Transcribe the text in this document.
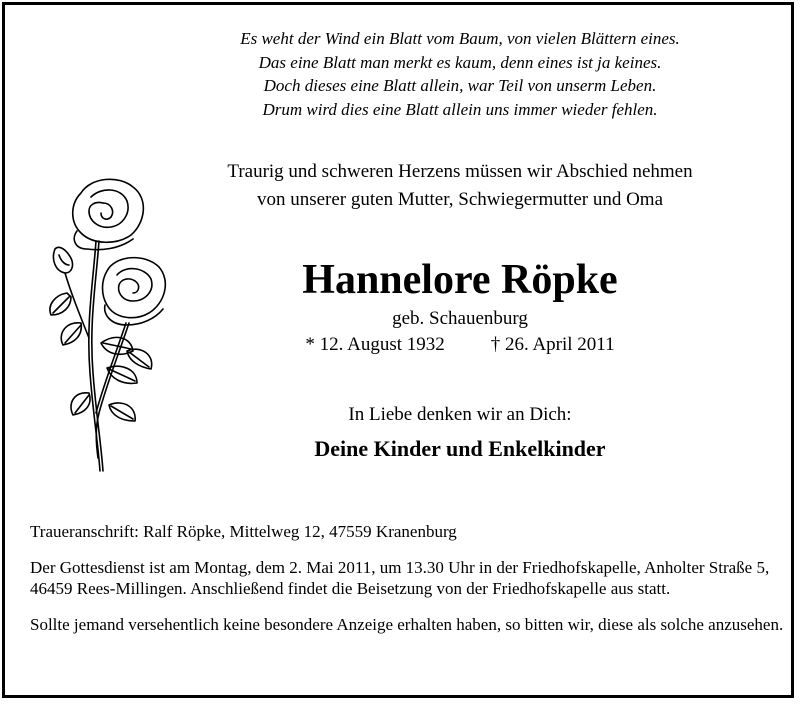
Es weht der Wind ein Blatt vom Baum, von vielen Blättern eines.
Das eine Blatt man merkt es kaum, denn eines ist ja keines.
Doch dieses eine Blatt allein, war Teil von unserm Leben.
Drum wird dies eine Blatt allein uns immer wieder fehlen.
Traurig und schweren Herzens müssen wir Abschied nehmen
von unserer guten Mutter, Schwiegermutter und Oma
Hannelore Röpke
geb. Schauenburg
* 12. August 1932 † 26. April 2011
In Liebe denken wir an Dich:
Deine Kinder und Enkelkinder

Traueranschrift: Ralf Röpke, Mittelweg 12, 47559 Kranenburg

Der Gottesdienst ist am Montag, dem 2. Mai 2011, um 13.30 Uhr in der Friedhofskapelle, Anholter Straße 5, 46459 Rees-Millingen. Anschließend findet die Beisetzung von der Friedhofskapelle aus statt.

Sollte jemand versehentlich keine besondere Anzeige erhalten haben, so bitten wir, diese als solche anzusehen.
